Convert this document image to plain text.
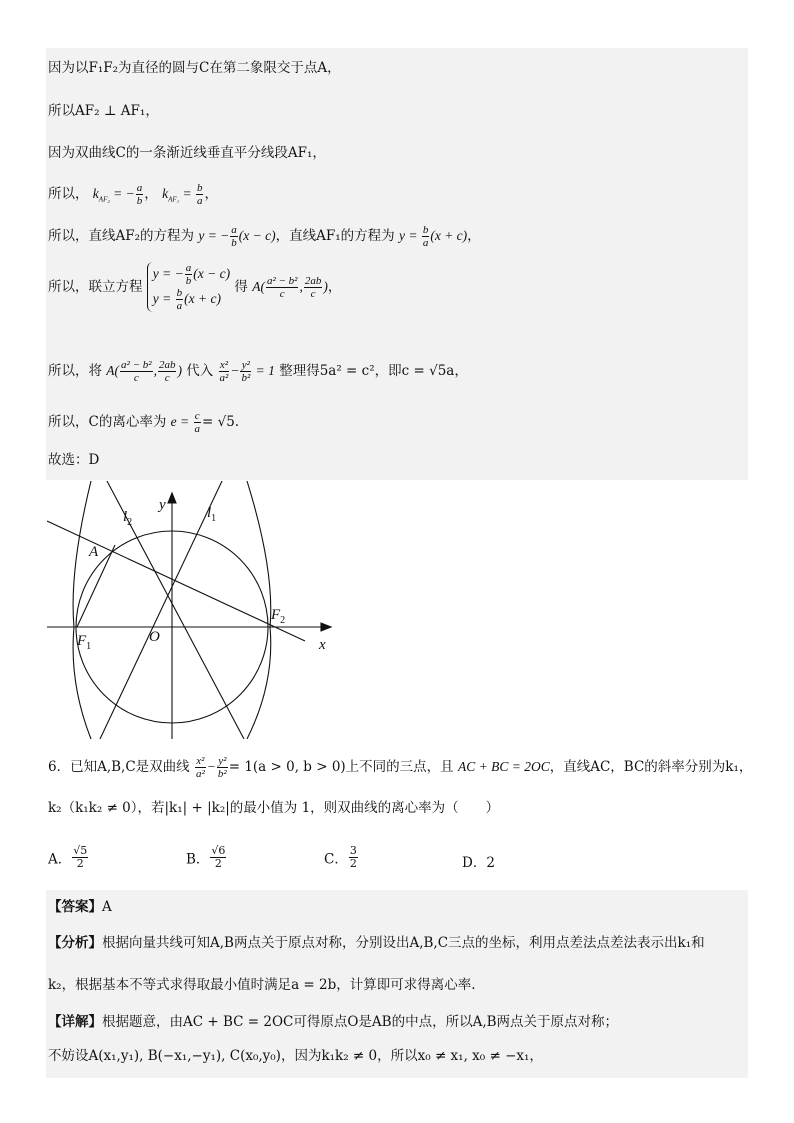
因为以F₁F₂为直径的圆与C在第二象限交于点A，
所以AF₂ ⊥ AF₁，
因为双曲线C的一条渐近线垂直平分线段AF₁，
所以， $k_{AF_2}$ = − $\frac{a}{b}$ ， $k_{AF_1} = \frac{b}{a}$ ，
所以，直线AF₂的方程为 y = − $\frac{a}{b} (x - c)$，直线AF₁的方程为 $y = \frac{b}{a} (x + c)$，
所以，联立方程 y = − $\frac{a}{b} (x - c)$
$y = \frac{b}{a} (x + c)$ 得 $A( \frac{\text{a² − b²}}{c}$ , $\frac{2ab}{c}$ )，
所以，将 $A( \frac{\text{a² − b²}}{c}$ , $\frac{2ab}{c}$ ) 代入 $\frac{\text{x²}}{\text{a²}} - \frac{\text{y²}}{\text{b²}} = 1$ 整理得5a² = c²，即c = √5a，
所以，C的离心率为 $e = \frac{c}{a} = √5$.
故选：D
y
x
O
A
$F_1$
$F_2$
$l_2$
$l_1$
6．已知A,B,C是双曲线 $\frac{\text{x²}}{\text{a²}} - \frac{\text{y²}}{\text{b²}} = 1(a > 0$, b > 0)上不同的三点，且 AC + BC = 2OC，直线AC，BC的斜率分别为k₁，
k₂（k₁k₂ ≠ 0），若|k₁| + |k₂|的最小值为 1，则双曲线的离心率为（　　）
A． $\frac{√5}{2}$	B． $\frac{√6}{2}$	C． $\frac{3}{2}$	D．2
【答案】A
【分析】根据向量共线可知A,B两点关于原点对称，分别设出A,B,C三点的坐标，利用点差法点差法表示出k₁和
k₂，根据基本不等式求得取最小值时满足a = 2b，计算即可求得离心率.
【详解】根据题意，由AC + BC = 2OC可得原点O是AB的中点，所以A,B两点关于原点对称；
不妨设A(x₁,y₁), B(−x₁,−y₁), C(x₀,y₀)，因为k₁k₂ ≠ 0，所以x₀ ≠ x₁, x₀ ≠ −x₁，
